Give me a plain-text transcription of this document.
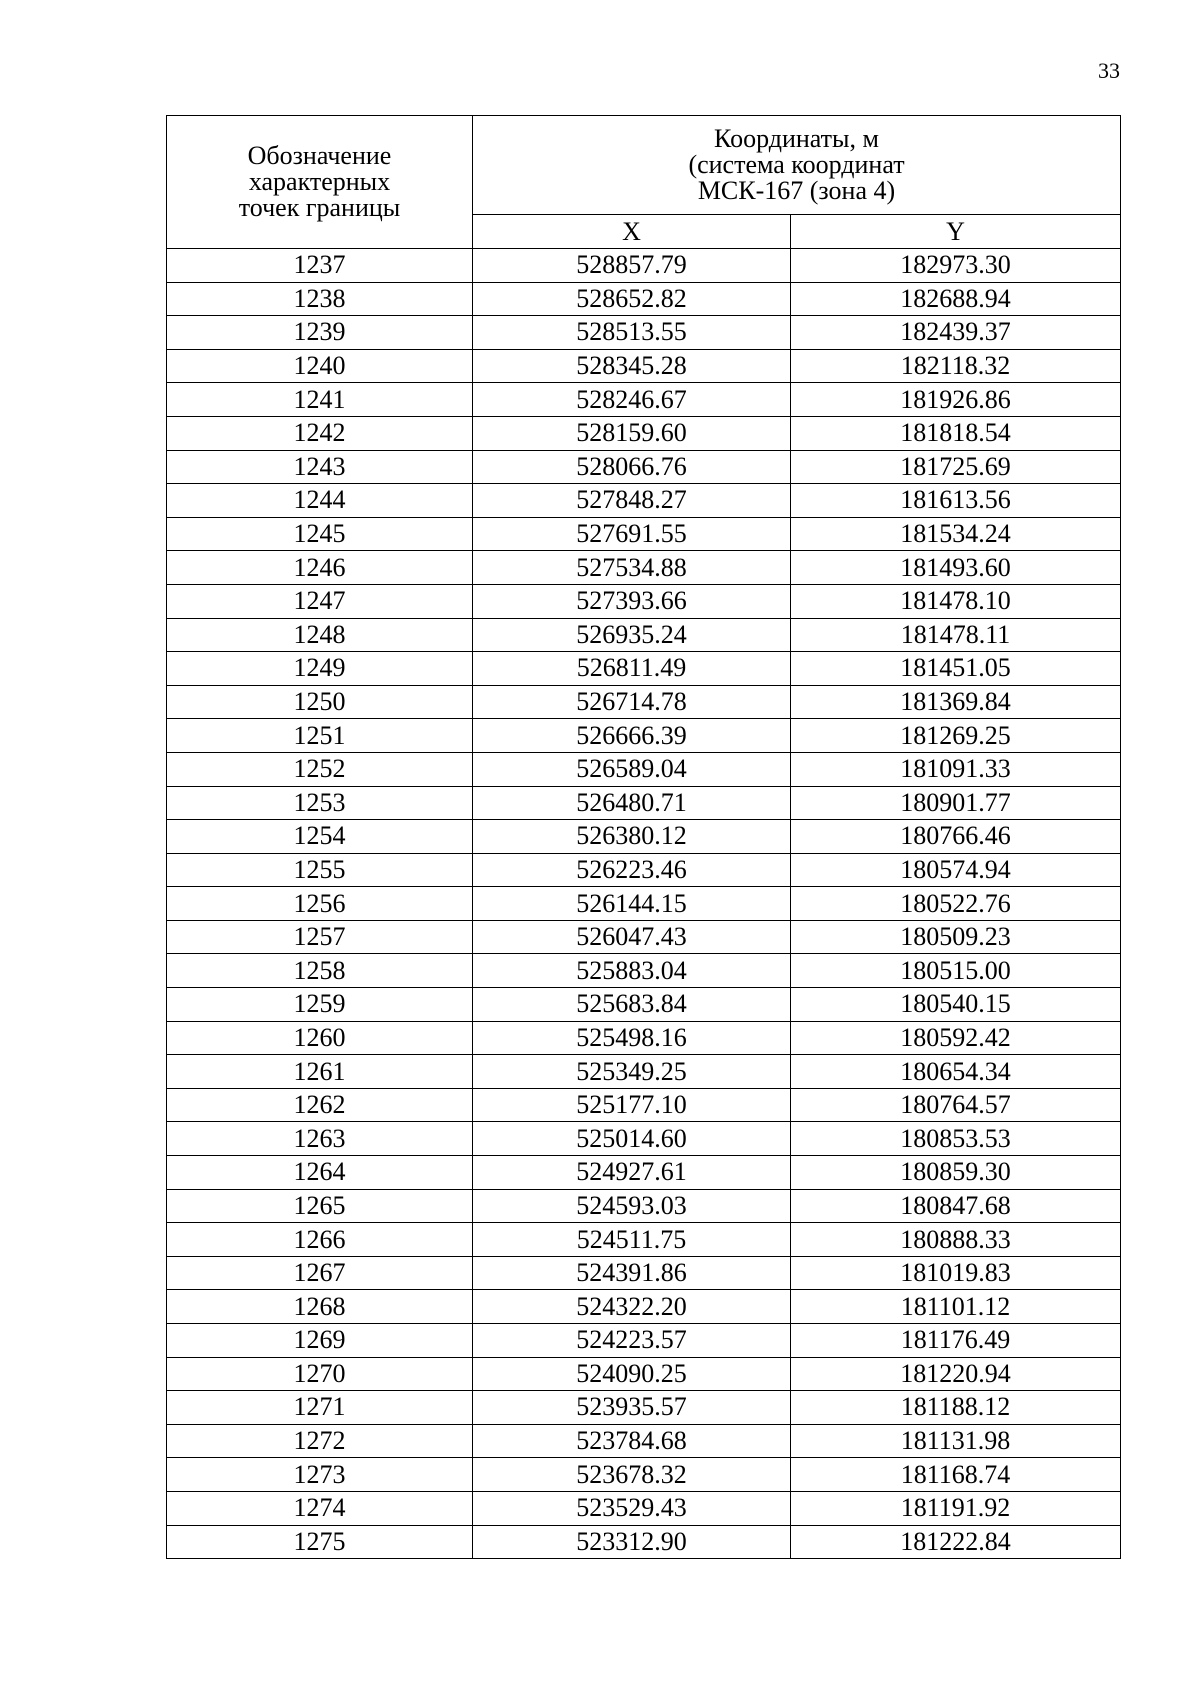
33
Обозначение
характерных
точек границы	Координаты, м
(система координат
МСК-167 (зона 4)	

	X	Y
1237	528857.79	182973.30
1238	528652.82	182688.94
1239	528513.55	182439.37
1240	528345.28	182118.32
1241	528246.67	181926.86
1242	528159.60	181818.54
1243	528066.76	181725.69
1244	527848.27	181613.56
1245	527691.55	181534.24
1246	527534.88	181493.60
1247	527393.66	181478.10
1248	526935.24	181478.11
1249	526811.49	181451.05
1250	526714.78	181369.84
1251	526666.39	181269.25
1252	526589.04	181091.33
1253	526480.71	180901.77
1254	526380.12	180766.46
1255	526223.46	180574.94
1256	526144.15	180522.76
1257	526047.43	180509.23
1258	525883.04	180515.00
1259	525683.84	180540.15
1260	525498.16	180592.42
1261	525349.25	180654.34
1262	525177.10	180764.57
1263	525014.60	180853.53
1264	524927.61	180859.30
1265	524593.03	180847.68
1266	524511.75	180888.33
1267	524391.86	181019.83
1268	524322.20	181101.12
1269	524223.57	181176.49
1270	524090.25	181220.94
1271	523935.57	181188.12
1272	523784.68	181131.98
1273	523678.32	181168.74
1274	523529.43	181191.92
1275	523312.90	181222.84
